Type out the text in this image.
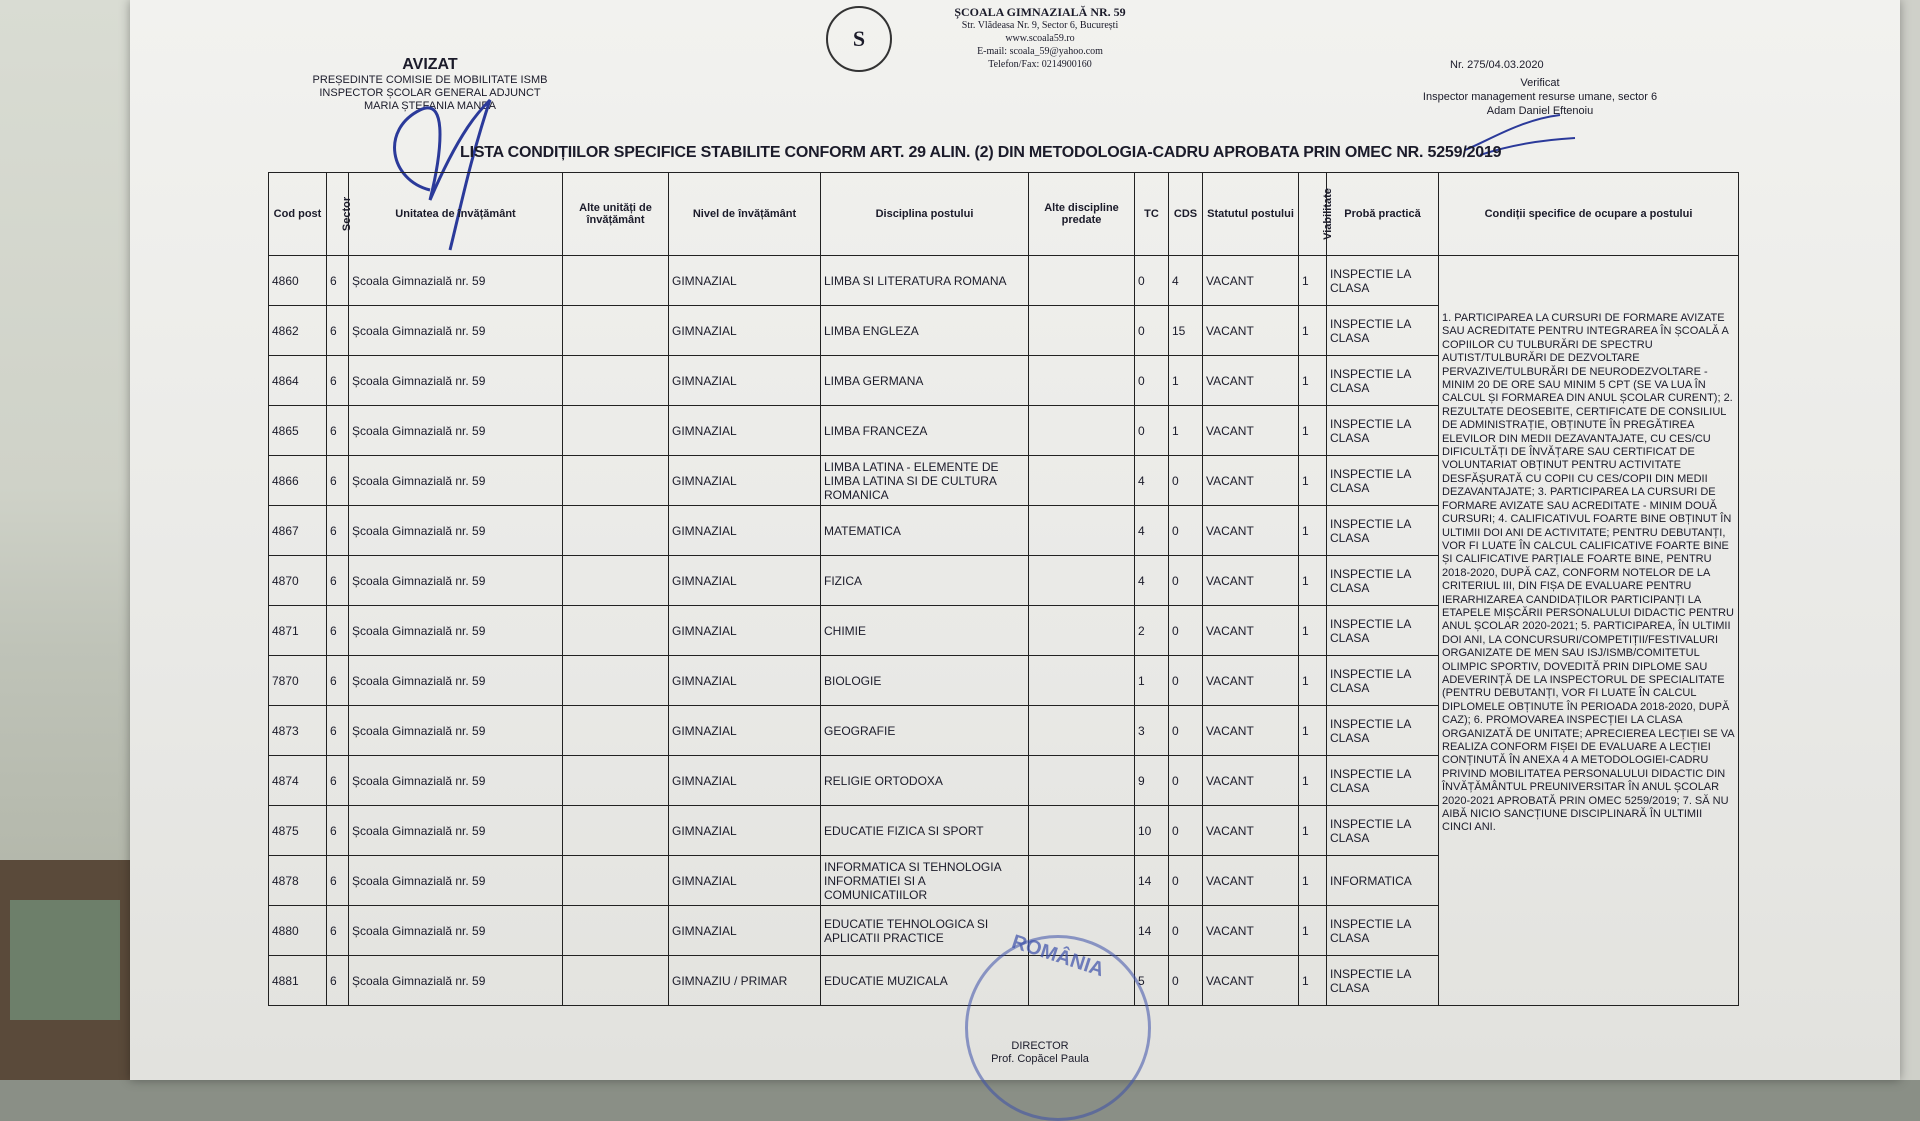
AVIZAT
PREȘEDINTE COMISIE DE MOBILITATE ISMB
INSPECTOR ȘCOLAR GENERAL ADJUNCT
MARIA ȘTEFANIA MANEA
S
ȘCOALA GIMNAZIALĂ NR. 59
Str. Vlădeasa Nr. 9, Sector 6, București
www.scoala59.ro
E-mail: scoala_59@yahoo.com
Telefon/Fax: 0214900160	Nr. 275/04.03.2020
Verificat
Inspector management resurse umane, sector 6
Adam Daniel Eftenoiu
LISTA CONDIȚIILOR SPECIFICE STABILITE CONFORM ART. 29 ALIN. (2) DIN METODOLOGIA-CADRU APROBATA PRIN OMEC NR. 5259/2019
Cod post	Sector	Unitatea de învățământ	Alte unități de învățământ	Nivel de învățământ	Disciplina postului	Alte discipline predate	TC	CDS	Statutul postului	Viabilitate	Probă practică	Condiții specifice de ocupare a postului
4860	6	Școala Gimnazială nr. 59		GIMNAZIAL	LIMBA SI LITERATURA ROMANA		0	4	VACANT	1	INSPECTIE LA CLASA	1. PARTICIPAREA LA CURSURI DE FORMARE AVIZATE SAU ACREDITATE PENTRU INTEGRAREA ÎN ȘCOALĂ A COPIILOR CU TULBURĂRI DE SPECTRU AUTIST/TULBURĂRI DE DEZVOLTARE PERVAZIVE/TULBURĂRI DE NEURODEZVOLTARE - MINIM 20 DE ORE SAU MINIM 5 CPT (SE VA LUA ÎN CALCUL ȘI FORMAREA DIN ANUL ȘCOLAR CURENT); 2. REZULTATE DEOSEBITE, CERTIFICATE DE CONSILIUL DE ADMINISTRAȚIE, OBȚINUTE ÎN PREGĂTIREA ELEVILOR DIN MEDII DEZAVANTAJATE, CU CES/CU DIFICULTĂȚI DE ÎNVĂȚARE SAU CERTIFICAT DE VOLUNTARIAT OBȚINUT PENTRU ACTIVITATE DESFĂȘURATĂ CU COPII CU CES/COPII DIN MEDII DEZAVANTAJATE; 3. PARTICIPAREA LA CURSURI DE FORMARE AVIZATE SAU ACREDITATE - MINIM DOUĂ CURSURI; 4. CALIFICATIVUL FOARTE BINE OBȚINUT ÎN ULTIMII DOI ANI DE ACTIVITATE; PENTRU DEBUTANȚI, VOR FI LUATE ÎN CALCUL CALIFICATIVE FOARTE BINE ȘI CALIFICATIVE PARȚIALE FOARTE BINE, PENTRU 2018-2020, DUPĂ CAZ, CONFORM NOTELOR DE LA CRITERIUL III, DIN FIȘA DE EVALUARE PENTRU IERARHIZAREA CANDIDAȚILOR PARTICIPANȚI LA ETAPELE MIȘCĂRII PERSONALULUI DIDACTIC PENTRU ANUL ȘCOLAR 2020-2021; 5. PARTICIPAREA, ÎN ULTIMII DOI ANI, LA CONCURSURI/COMPETIȚII/FESTIVALURI ORGANIZATE DE MEN SAU ISJ/ISMB/COMITETUL OLIMPIC SPORTIV, DOVEDITĂ PRIN DIPLOME SAU ADEVERINȚĂ DE LA INSPECTORUL DE SPECIALITATE (PENTRU DEBUTANȚI, VOR FI LUATE ÎN CALCUL DIPLOMELE OBȚINUTE ÎN PERIOADA 2018-2020, DUPĂ CAZ); 6. PROMOVAREA INSPECȚIEI LA CLASA ORGANIZATĂ DE UNITATE; APRECIEREA LECȚIEI SE VA REALIZA CONFORM FIȘEI DE EVALUARE A LECȚIEI CONȚINUTĂ ÎN ANEXA 4 A METODOLOGIEI-CADRU PRIVIND MOBILITATEA PERSONALULUI DIDACTIC DIN ÎNVĂȚĂMÂNTUL PREUNIVERSITAR ÎN ANUL ȘCOLAR 2020-2021 APROBATĂ PRIN OMEC 5259/2019; 7. SĂ NU AIBĂ NICIO SANCȚIUNE DISCIPLINARĂ ÎN ULTIMII CINCI ANI.
4862	6	Școala Gimnazială nr. 59		GIMNAZIAL	LIMBA ENGLEZA		0	15	VACANT	1	INSPECTIE LA CLASA	
4864	6	Școala Gimnazială nr. 59		GIMNAZIAL	LIMBA GERMANA		0	1	VACANT	1	INSPECTIE LA CLASA	
4865	6	Școala Gimnazială nr. 59		GIMNAZIAL	LIMBA FRANCEZA		0	1	VACANT	1	INSPECTIE LA CLASA	
4866	6	Școala Gimnazială nr. 59		GIMNAZIAL	LIMBA LATINA - ELEMENTE DE LIMBA LATINA SI DE CULTURA ROMANICA		4	0	VACANT	1	INSPECTIE LA CLASA	
4867	6	Școala Gimnazială nr. 59		GIMNAZIAL	MATEMATICA		4	0	VACANT	1	INSPECTIE LA CLASA	
4870	6	Școala Gimnazială nr. 59		GIMNAZIAL	FIZICA		4	0	VACANT	1	INSPECTIE LA CLASA	
4871	6	Școala Gimnazială nr. 59		GIMNAZIAL	CHIMIE		2	0	VACANT	1	INSPECTIE LA CLASA	
7870	6	Școala Gimnazială nr. 59		GIMNAZIAL	BIOLOGIE		1	0	VACANT	1	INSPECTIE LA CLASA	
4873	6	Școala Gimnazială nr. 59		GIMNAZIAL	GEOGRAFIE		3	0	VACANT	1	INSPECTIE LA CLASA	
4874	6	Școala Gimnazială nr. 59		GIMNAZIAL	RELIGIE ORTODOXA		9	0	VACANT	1	INSPECTIE LA CLASA	
4875	6	Școala Gimnazială nr. 59		GIMNAZIAL	EDUCATIE FIZICA SI SPORT		10	0	VACANT	1	INSPECTIE LA CLASA	
4878	6	Școala Gimnazială nr. 59		GIMNAZIAL	INFORMATICA SI TEHNOLOGIA INFORMATIEI SI A COMUNICATIILOR		14	0	VACANT	1	INFORMATICA	
4880	6	Școala Gimnazială nr. 59		GIMNAZIAL	EDUCATIE TEHNOLOGICA SI APLICATII PRACTICE		14	0	VACANT	1	INSPECTIE LA CLASA	
4881	6	Școala Gimnazială nr. 59		GIMNAZIU / PRIMAR	EDUCATIE MUZICALA		5	0	VACANT	1	INSPECTIE LA CLASA	
ROMÂNIA
DIRECTOR
Prof. Copăcel Paula
